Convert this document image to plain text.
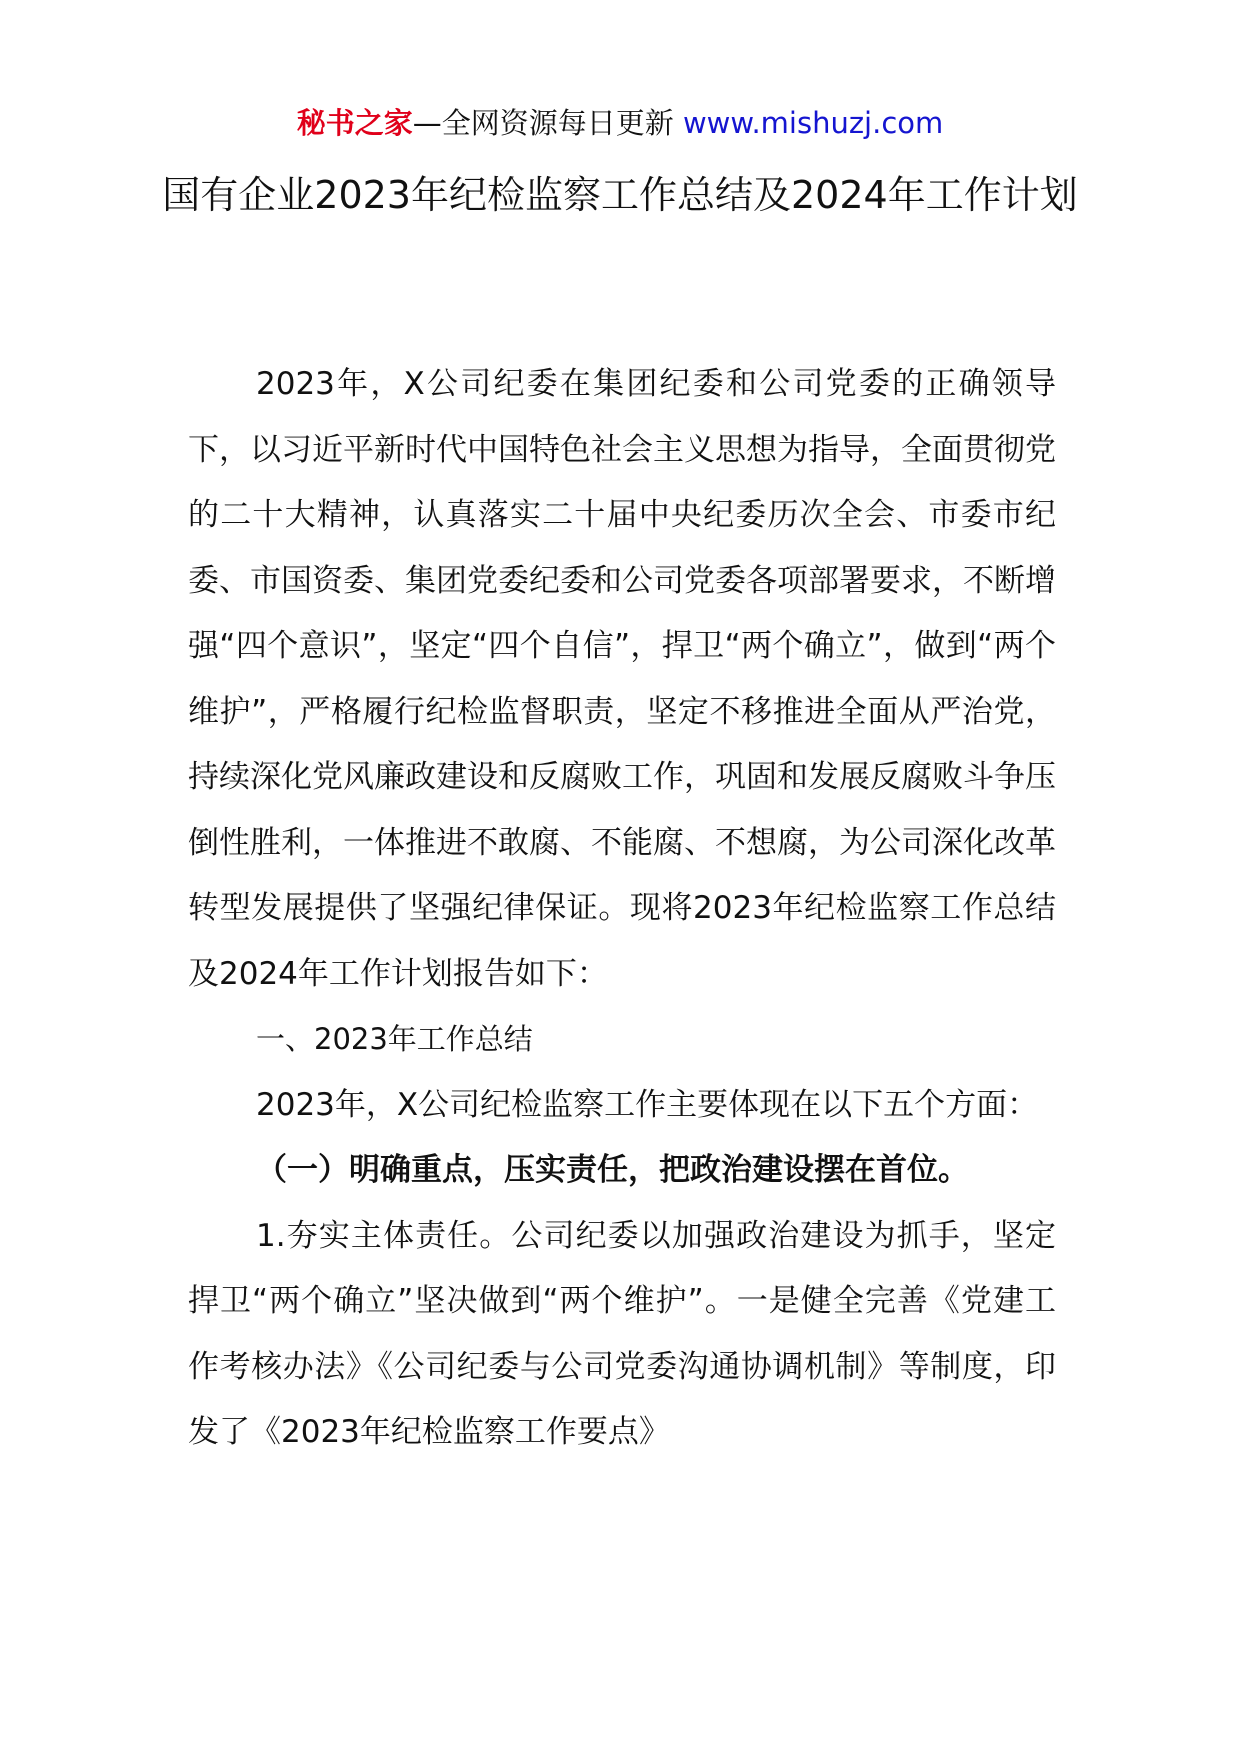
秘书之家—全网资源每日更新 www.mishuzj.com
国有企业2023年纪检监察工作总结及2024年工作计划

2023年，X公司纪委在集团纪委和公司党委的正确领导下，以习近平新时代中国特色社会主义思想为指导，全面贯彻党的二十大精神，认真落实二十届中央纪委历次全会、市委市纪委、市国资委、集团党委纪委和公司党委各项部署要求，不断增强“四个意识”，坚定“四个自信”，捍卫“两个确立”，做到“两个维护”，严格履行纪检监督职责，坚定不移推进全面从严治党，持续深化党风廉政建设和反腐败工作，巩固和发展反腐败斗争压倒性胜利，一体推进不敢腐、不能腐、不想腐，为公司深化改革转型发展提供了坚强纪律保证。现将2023年纪检监察工作总结及2024年工作计划报告如下：

一、2023年工作总结

2023年，X公司纪检监察工作主要体现在以下五个方面：

（一）明确重点，压实责任，把政治建设摆在首位。

1.夯实主体责任。公司纪委以加强政治建设为抓手，坚定捍卫“两个确立”坚决做到“两个维护”。一是健全完善《党建工作考核办法》《公司纪委与公司党委沟通协调机制》等制度，印发了《2023年纪检监察工作要点》
